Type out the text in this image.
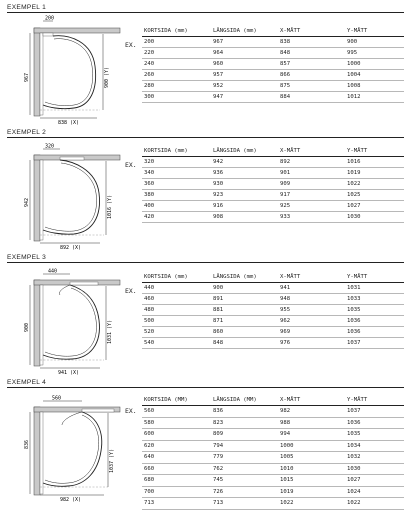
EXEMPEL 1
200
967	900 (Y)
838 (X)
EX.
KORTSIDA (mm)	LÄNGSIDA (mm)	X-MÅTT	Y-MÅTT
200	967	838	900
220	964	848	995
240	960	857	1000
260	957	866	1004
280	952	875	1008
300	947	884	1012
EXEMPEL 2
320
942	1016 (Y)
892 (X)
EX.
KORTSIDA (mm)	LÄNGSIDA (mm)	X-MÅTT	Y-MÅTT
320	942	892	1016
340	936	901	1019
360	930	909	1022
380	923	917	1025
400	916	925	1027
420	908	933	1030
EXEMPEL 3
440
900	1031 (Y)
941 (X)
EX.
KORTSIDA (mm)	LÄNGSIDA (mm)	X-MÅTT	Y-MÅTT
440	900	941	1031
460	891	948	1033
480	881	955	1035
500	871	962	1036
520	860	969	1036
540	848	976	1037
EXEMPEL 4
560
836
1037 (Y)
982 (X)
EX.
KORTSIDA (MM)	LÄNGSIDA (MM)	X-MÅTT	Y-MÅTT
560	836	982	1037
580	823	988	1036
600	809	994	1035
620	794	1000	1034
640	779	1005	1032
660	762	1010	1030
680	745	1015	1027
700	726	1019	1024
713	713	1022	1022
